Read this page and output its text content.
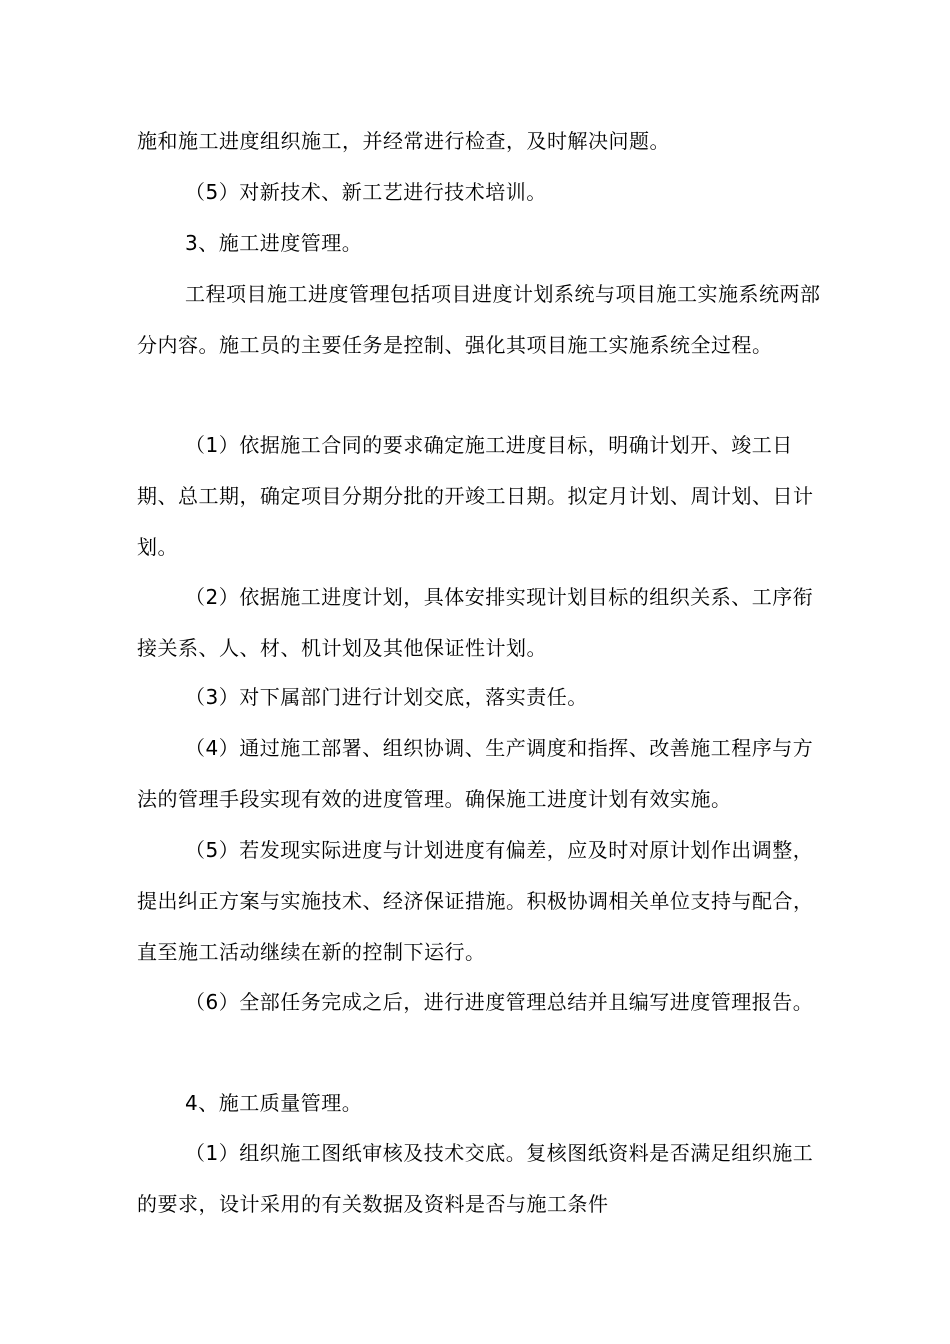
施和施工进度组织施工，并经常进行检查，及时解决问题。

（5）对新技术、新工艺进行技术培训。

3、施工进度管理。

工程项目施工进度管理包括项目进度计划系统与项目施工实施系统两部分内容。施工员的主要任务是控制、强化其项目施工实施系统全过程。

（1）依据施工合同的要求确定施工进度目标，明确计划开、竣工日期、总工期，确定项目分期分批的开竣工日期。拟定月计划、周计划、日计划。

（2）依据施工进度计划，具体安排实现计划目标的组织关系、工序衔接关系、人、材、机计划及其他保证性计划。

（3）对下属部门进行计划交底，落实责任。

（4）通过施工部署、组织协调、生产调度和指挥、改善施工程序与方法的管理手段实现有效的进度管理。确保施工进度计划有效实施。

（5）若发现实际进度与计划进度有偏差，应及时对原计划作出调整，提出纠正方案与实施技术、经济保证措施。积极协调相关单位支持与配合，直至施工活动继续在新的控制下运行。

（6）全部任务完成之后，进行进度管理总结并且编写进度管理报告。

4、施工质量管理。

（1）组织施工图纸审核及技术交底。复核图纸资料是否满足组织施工的要求，设计采用的有关数据及资料是否与施工条件
